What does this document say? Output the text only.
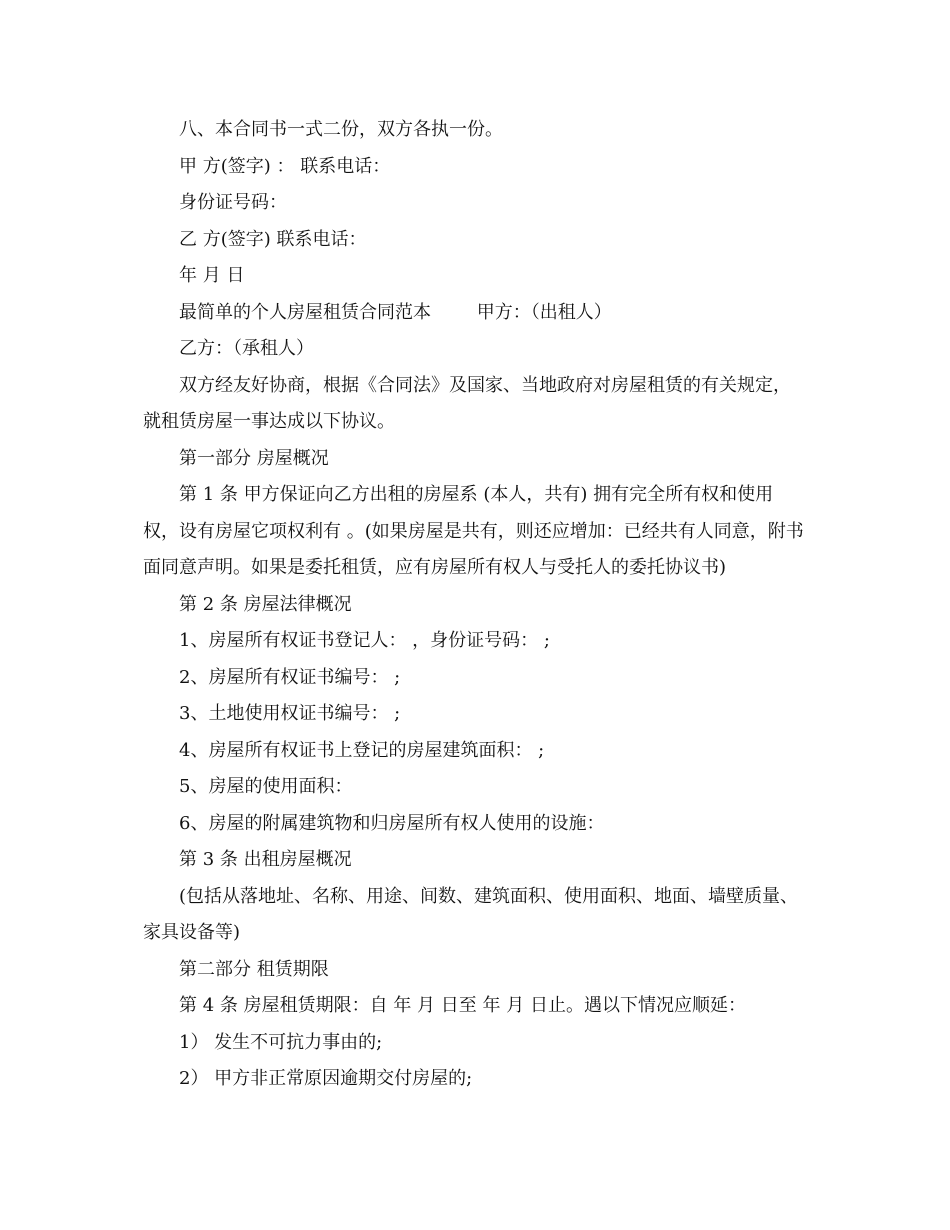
八、本合同书一式二份，双方各执一份。

甲 方(签字) ： 联系电话：

身份证号码：

乙 方(签字) 联系电话：

年 月 日

最简单的个人房屋租赁合同范本        甲方：（出租人）

乙方：（承租人）

双方经友好协商，根据《合同法》及国家、当地政府对房屋租赁的有关规定，就租赁房屋一事达成以下协议。

第一部分 房屋概况

第 1 条 甲方保证向乙方出租的房屋系 (本人，共有) 拥有完全所有权和使用权，设有房屋它项权利有 。(如果房屋是共有，则还应增加：已经共有人同意，附书面同意声明。如果是委托租赁，应有房屋所有权人与受托人的委托协议书)

第 2 条 房屋法律概况

1、房屋所有权证书登记人： ，身份证号码： ;

2、房屋所有权证书编号： ;

3、土地使用权证书编号： ;

4、房屋所有权证书上登记的房屋建筑面积： ;

5、房屋的使用面积：

6、房屋的附属建筑物和归房屋所有权人使用的设施：

第 3 条 出租房屋概况

(包括从落地址、名称、用途、间数、建筑面积、使用面积、地面、墙壁质量、家具设备等)

第二部分 租赁期限

第 4 条 房屋租赁期限：自 年 月 日至 年 月 日止。遇以下情况应顺延：

1） 发生不可抗力事由的;

2） 甲方非正常原因逾期交付房屋的;
